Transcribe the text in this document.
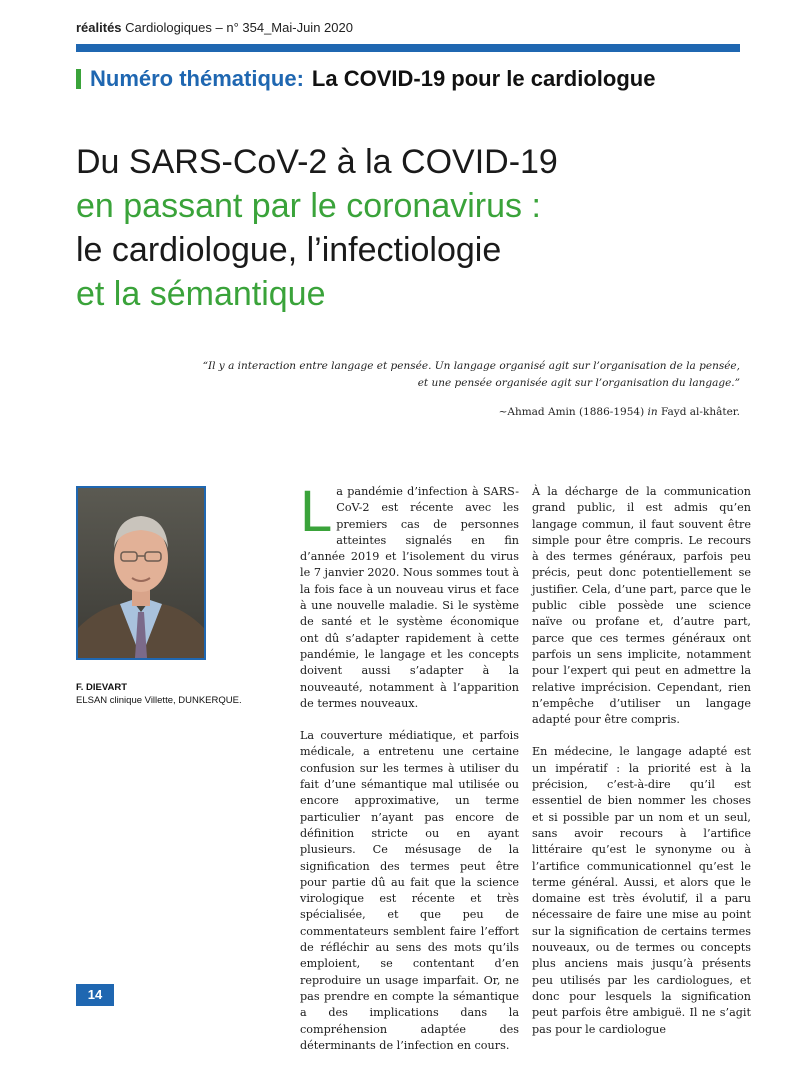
réalités Cardiologiques – n° 354_Mai-Juin 2020
Numéro thématique: La COVID-19 pour le cardiologue
Du SARS-CoV-2 à la COVID-19
en passant par le coronavirus :
le cardiologue, l’infectiologie
et la sémantique
“Il y a interaction entre langage et pensée. Un langage organisé agit sur l’organisation de la pensée,
et une pensée organisée agit sur l’organisation du langage.”
~Ahmad Amin (1886-1954) in Fayd al-khâter.
F. DIEVART
ELSAN clinique Villette, DUNKERQUE.

La pandémie d’infection à SARS-CoV-2 est récente avec les premiers cas de personnes atteintes signalés en fin d’année 2019 et l’isolement du virus le 7 janvier 2020. Nous sommes tout à la fois face à un nouveau virus et face à une nouvelle maladie. Si le système de santé et le système économique ont dû s’adapter rapidement à cette pandémie, le langage et les concepts doivent aussi s’adapter à la nouveauté, notamment à l’apparition de termes nouveaux.

La couverture médiatique, et parfois médicale, a entretenu une certaine confusion sur les termes à utiliser du fait d’une sémantique mal utilisée ou encore approximative, un terme particulier n’ayant pas encore de définition stricte ou en ayant plusieurs. Ce mésusage de la signification des termes peut être pour partie dû au fait que la science virologique est récente et très spécialisée, et que peu de commentateurs semblent faire l’effort de réfléchir au sens des mots qu’ils emploient, se contentant d’en reproduire un usage imparfait. Or, ne pas prendre en compte la sémantique a des implications dans la compréhension adaptée des déterminants de l’infection en cours.

À la décharge de la communication grand public, il est admis qu’en langage commun, il faut souvent être simple pour être compris. Le recours à des termes généraux, parfois peu précis, peut donc potentiellement se justifier. Cela, d’une part, parce que le public cible possède une science naïve ou profane et, d’autre part, parce que ces termes généraux ont parfois un sens implicite, notamment pour l’expert qui peut en admettre la relative imprécision. Cependant, rien n’empêche d’utiliser un langage adapté pour être compris.

En médecine, le langage adapté est un impératif : la priorité est à la précision, c’est-à-dire qu’il est essentiel de bien nommer les choses et si possible par un nom et un seul, sans avoir recours à l’artifice littéraire qu’est le synonyme ou à l’artifice communicationnel qu’est le terme général. Aussi, et alors que le domaine est très évolutif, il a paru nécessaire de faire une mise au point sur la signification de certains termes nouveaux, ou de termes ou concepts plus anciens mais jusqu’à présents peu utilisés par les cardiologues, et donc pour lesquels la signification peut parfois être ambiguë. Il ne s’agit pas pour le cardiologue

14
